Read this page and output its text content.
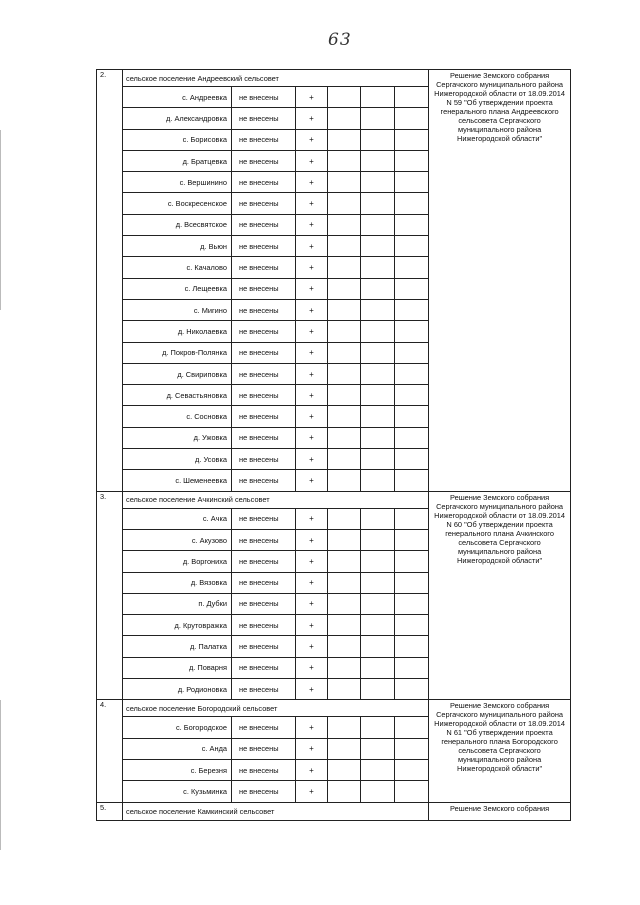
63
2.	сельское поселение Андреевский сельсовет						Решение Земского собрания Сергачского муниципального района Нижегородской области от 18.09.2014 N 59 "Об утверждении проекта генерального плана Андреевского сельсовета Сергачского муниципального района Нижегородской области"
	с. Андреевка	не внесены	+				
	д. Александровка	не внесены	+				
	с. Борисовка	не внесены	+				
	д. Братцевка	не внесены	+				
	с. Вершинино	не внесены	+				
	с. Воскресенское	не внесены	+				
	д. Всесвятское	не внесены	+				
	д. Вьюн	не внесены	+				
	с. Качалово	не внесены	+				
	с. Лещеевка	не внесены	+				
	с. Мигино	не внесены	+				
	д. Николаевка	не внесены	+				
	д. Покров-Полянка	не внесены	+				
	д. Свириповка	не внесены	+				
	д. Севастьяновка	не внесены	+				
	с. Сосновка	не внесены	+				
	д. Ужовка	не внесены	+				
	д. Усовка	не внесены	+				
	с. Шеменеевка	не внесены	+				
3.	сельское поселение Ачкинский сельсовет						Решение Земского собрания Сергачского муниципального района Нижегородской области от 18.09.2014 N 60 "Об утверждении проекта генерального плана Ачкинского сельсовета Сергачского муниципального района Нижегородской области"
	с. Ачка	не внесены	+				
	с. Акузово	не внесены	+				
	д. Воргониха	не внесены	+				
	д. Вязовка	не внесены	+				
	п. Дубки	не внесены	+				
	д. Крутовражка	не внесены	+				
	д. Палатка	не внесены	+				
	д. Поварня	не внесены	+				
	д. Родионовка	не внесены	+				
4.	сельское поселение Богородский сельсовет						Решение Земского собрания Сергачского муниципального района Нижегородской области от 18.09.2014 N 61 "Об утверждении проекта генерального плана Богородского сельсовета Сергачского муниципального района Нижегородской области"
	с. Богородское	не внесены	+				
	с. Анда	не внесены	+				
	с. Березня	не внесены	+				
	с. Кузьминка	не внесены	+				
5.	сельское поселение Камкинский сельсовет						Решение Земского собрания
